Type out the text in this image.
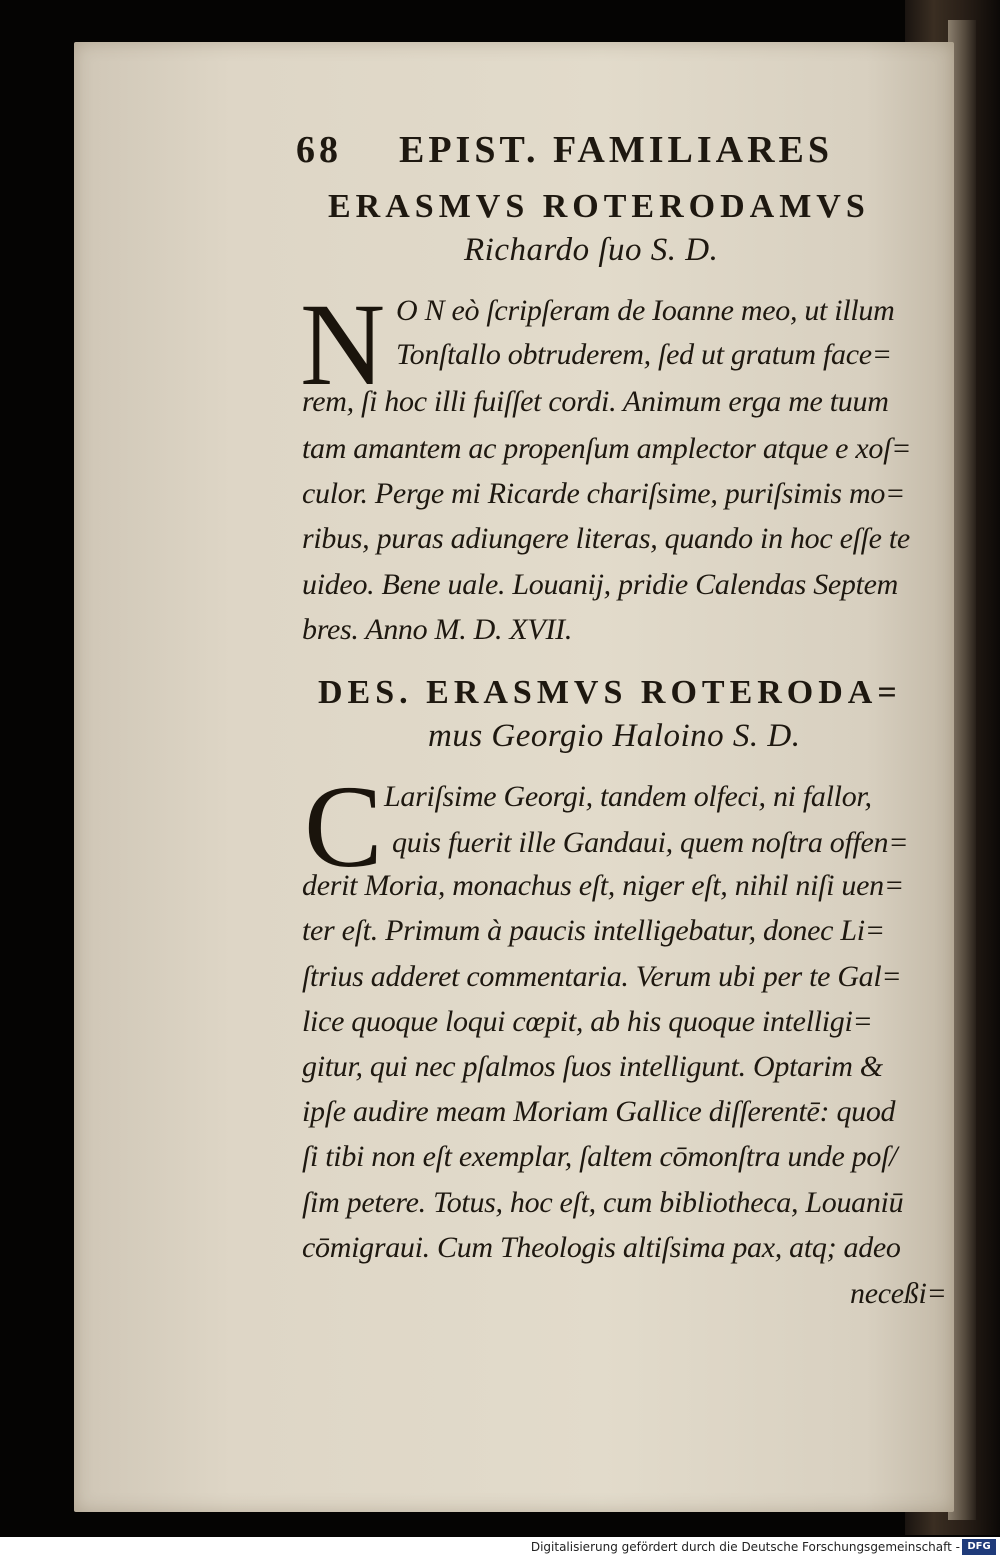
68 EPIST. FAMILIARES
ERASMVS ROTERODAMVS
Richardo ſuo S. D.
N O N eò ſcripſeram de Ioanne meo, ut illum
Tonſtallo obtruderem, ſed ut gratum face=
rem, ſi hoc illi fuiſſet cordi. Animum erga me tuum
tam amantem ac propenſum amplector atque e xoſ=
culor. Perge mi Ricarde chariſsime, puriſsimis mo=
ribus, puras adiungere literas, quando in hoc eſſe te
uideo. Bene uale. Louanij, pridie Calendas Septem
bres. Anno M. D. XVII.
DES. ERASMVS ROTERODA=
mus Georgio Haloino S. D.
C Lariſsime Georgi, tandem olfeci, ni fallor,
quis fuerit ille Gandaui, quem noſtra offen=
derit Moria, monachus eſt, niger eſt, nihil niſi uen=
ter eſt. Primum à paucis intelligebatur, donec Li=
ſtrius adderet commentaria. Verum ubi per te Gal=
lice quoque loqui cœpit, ab his quoque intelligi=
gitur, qui nec pſalmos ſuos intelligunt. Optarim &
ipſe audire meam Moriam Gallice diſſerentē: quod
ſi tibi non eſt exemplar, ſaltem cōmonſtra unde poſ/
ſim petere. Totus, hoc eſt, cum bibliotheca, Louaniū
cōmigraui. Cum Theologis altiſsima pax, atq; adeo
neceßi=
Digitalisierung gefördert durch die Deutsche Forschungsgemeinschaft - DFG
